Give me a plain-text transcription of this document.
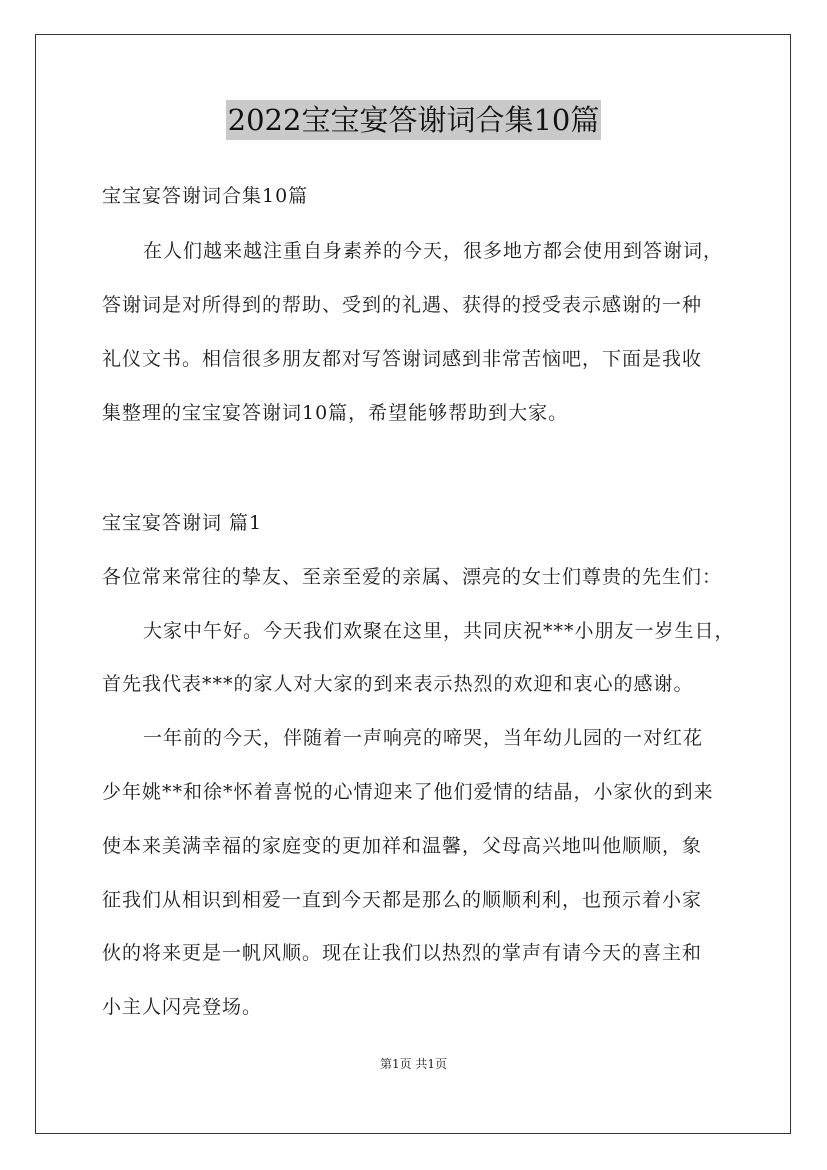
2022宝宝宴答谢词合集10篇
宝宝宴答谢词合集10篇
在人们越来越注重自身素养的今天，很多地方都会使用到答谢词，
答谢词是对所得到的帮助、受到的礼遇、获得的授受表示感谢的一种
礼仪文书。相信很多朋友都对写答谢词感到非常苦恼吧，下面是我收
集整理的宝宝宴答谢词10篇，希望能够帮助到大家。
宝宝宴答谢词 篇1
各位常来常往的挚友、至亲至爱的亲属、漂亮的女士们尊贵的先生们：
大家中午好。今天我们欢聚在这里，共同庆祝***小朋友一岁生日，
首先我代表***的家人对大家的到来表示热烈的欢迎和衷心的感谢。
一年前的今天，伴随着一声响亮的啼哭，当年幼儿园的一对红花
少年姚**和徐*怀着喜悦的心情迎来了他们爱情的结晶，小家伙的到来
使本来美满幸福的家庭变的更加祥和温馨，父母高兴地叫他顺顺，象
征我们从相识到相爱一直到今天都是那么的顺顺利利，也预示着小家
伙的将来更是一帆风顺。现在让我们以热烈的掌声有请今天的喜主和
小主人闪亮登场。
第1页 共1页
